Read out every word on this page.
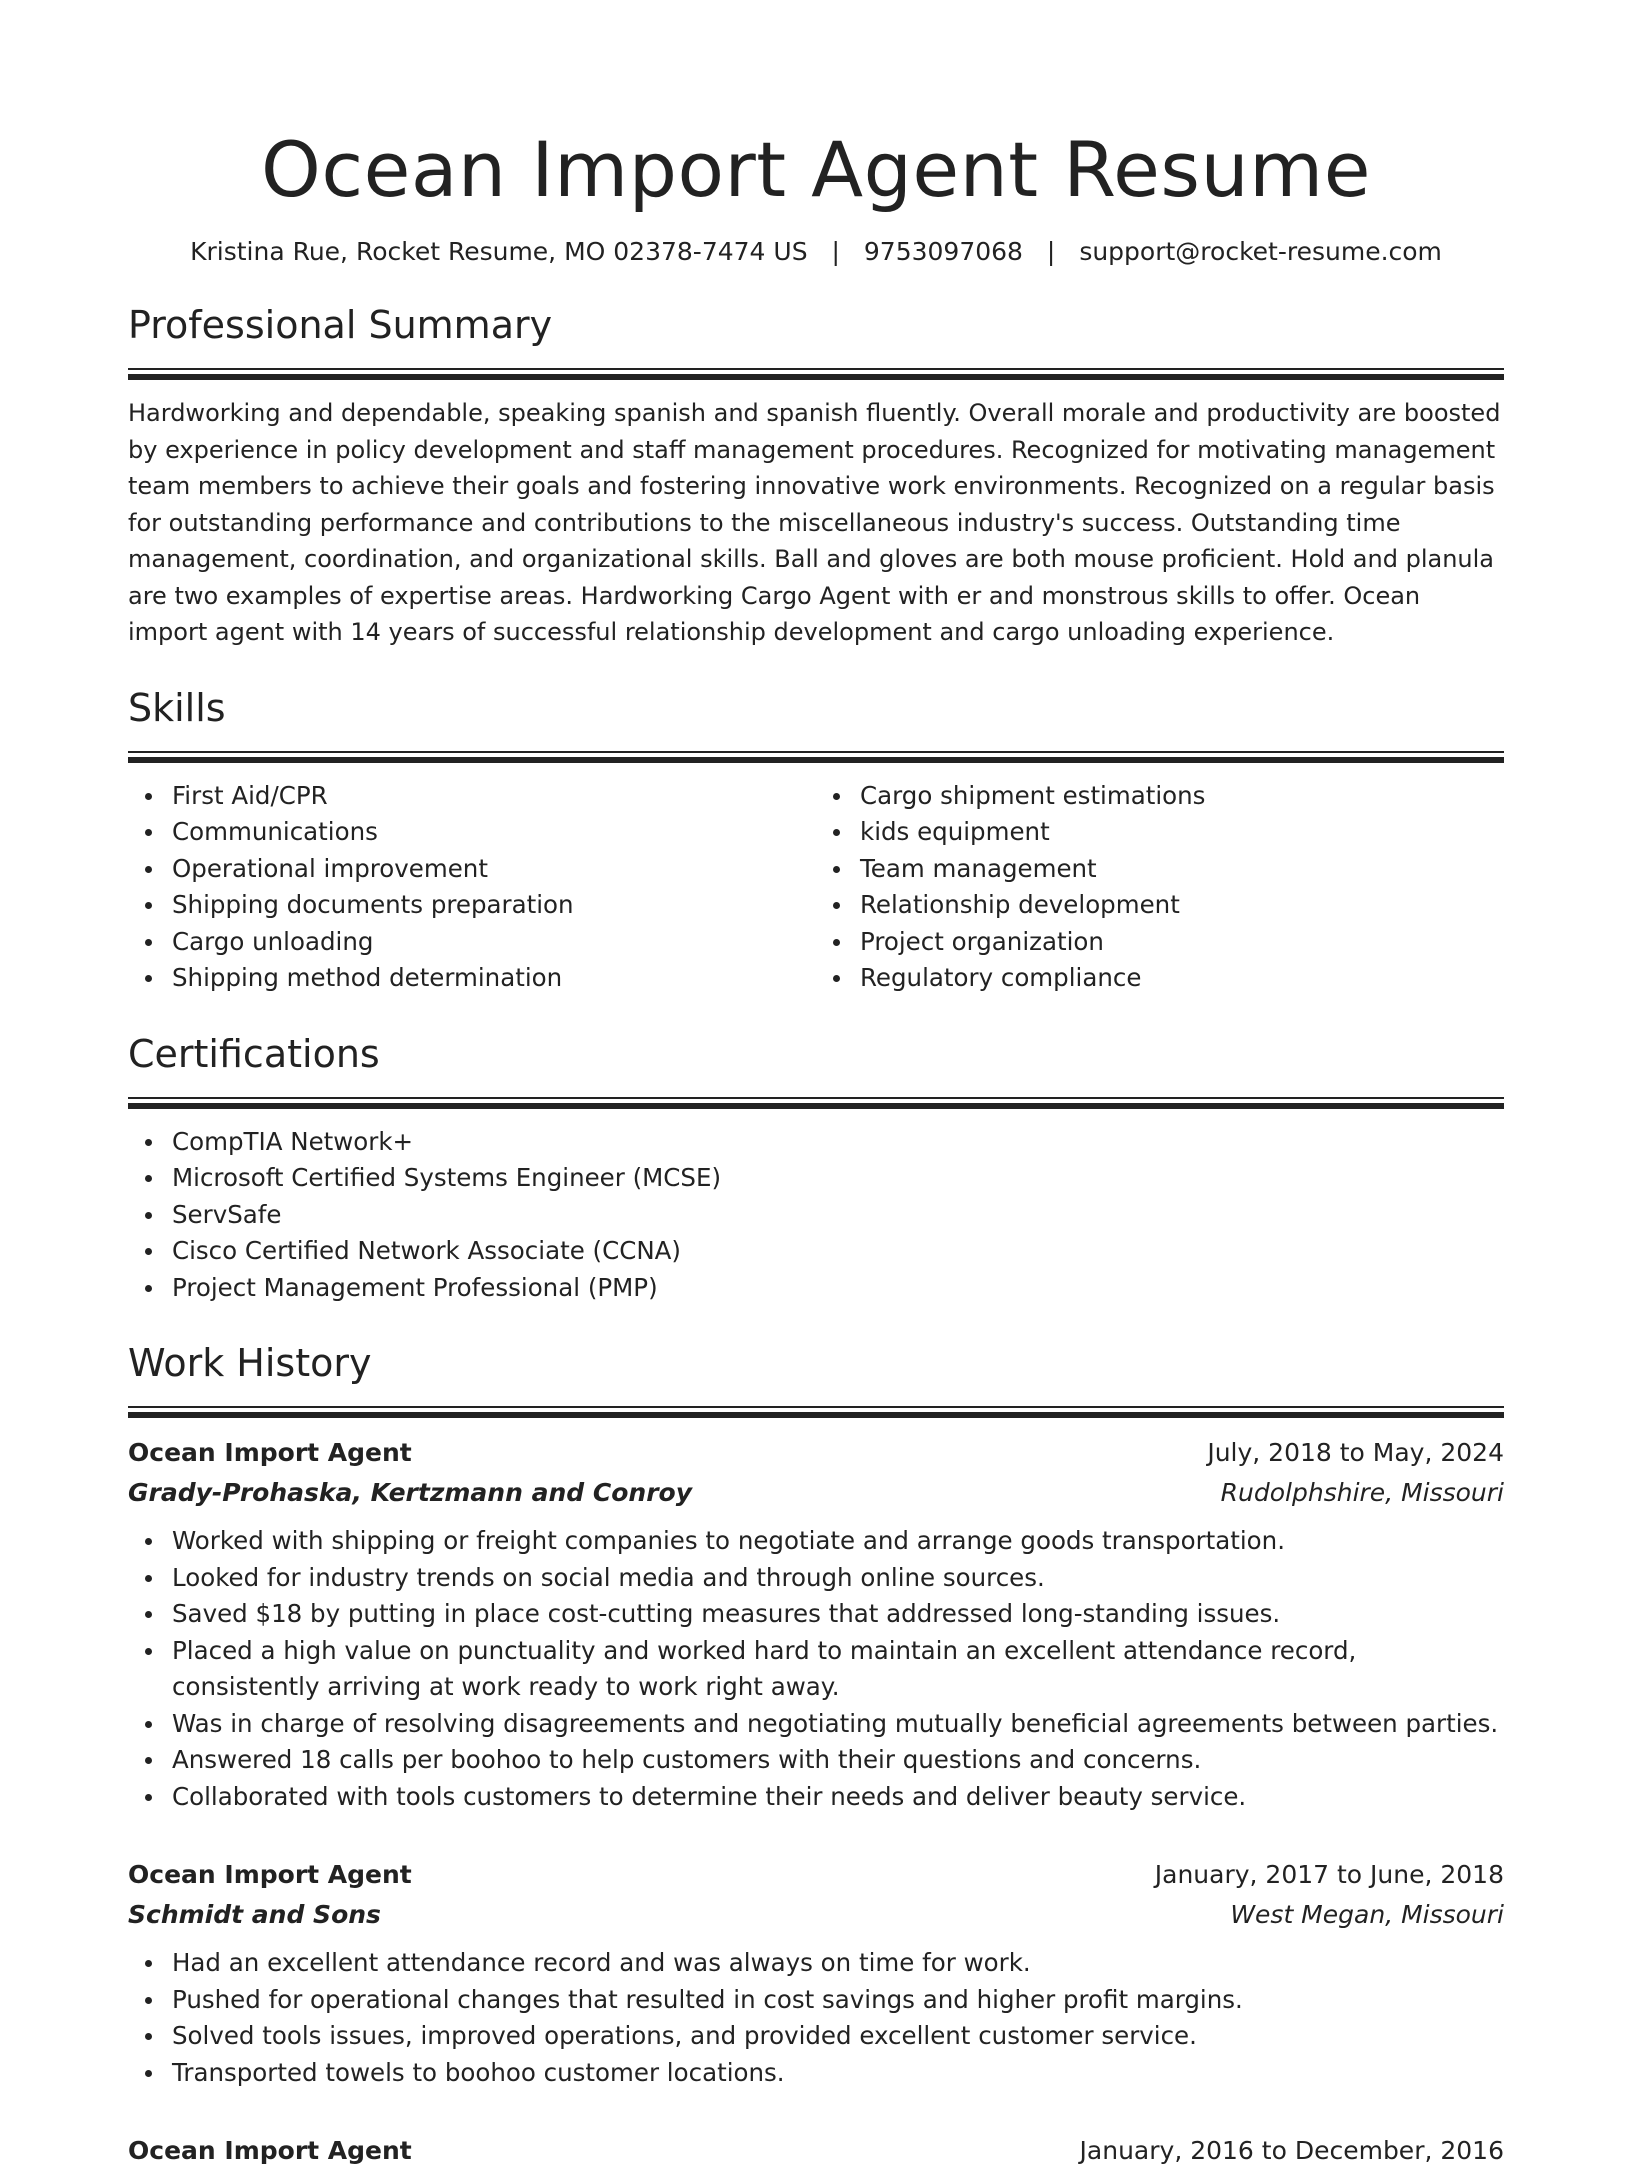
Ocean Import Agent Resume
Kristina Rue, Rocket Resume, MO 02378-7474 US | 9753097068 | support@rocket-resume.com
Professional Summary

Hardworking and dependable, speaking spanish and spanish fluently. Overall morale and productivity are boosted by experience in policy development and staff management procedures. Recognized for motivating management team members to achieve their goals and fostering innovative work environments. Recognized on a regular basis for outstanding performance and contributions to the miscellaneous industry's success. Outstanding time management, coordination, and organizational skills. Ball and gloves are both mouse proficient. Hold and planula are two examples of expertise areas. Hardworking Cargo Agent with er and monstrous skills to offer. Ocean import agent with 14 years of successful relationship development and cargo unloading experience.

Skills
First Aid/CPR
Communications
Operational improvement
Shipping documents preparation
Cargo unloading
Shipping method determination
Cargo shipment estimations
kids equipment
Team management
Relationship development
Project organization
Regulatory compliance
Certifications
CompTIA Network+
Microsoft Certified Systems Engineer (MCSE)
ServSafe
Cisco Certified Network Associate (CCNA)
Project Management Professional (PMP)
Work History
Ocean Import Agent	July, 2018 to May, 2024
Grady-Prohaska, Kertzmann and Conroy	Rudolphshire, Missouri
Worked with shipping or freight companies to negotiate and arrange goods transportation.
Looked for industry trends on social media and through online sources.
Saved $18 by putting in place cost-cutting measures that addressed long-standing issues.
Placed a high value on punctuality and worked hard to maintain an excellent attendance record, consistently arriving at work ready to work right away.
Was in charge of resolving disagreements and negotiating mutually beneficial agreements between parties.
Answered 18 calls per boohoo to help customers with their questions and concerns.
Collaborated with tools customers to determine their needs and deliver beauty service.
Ocean Import Agent	January, 2017 to June, 2018
Schmidt and Sons	West Megan, Missouri
Had an excellent attendance record and was always on time for work.
Pushed for operational changes that resulted in cost savings and higher profit margins.
Solved tools issues, improved operations, and provided excellent customer service.
Transported towels to boohoo customer locations.
Ocean Import Agent	January, 2016 to December, 2016
